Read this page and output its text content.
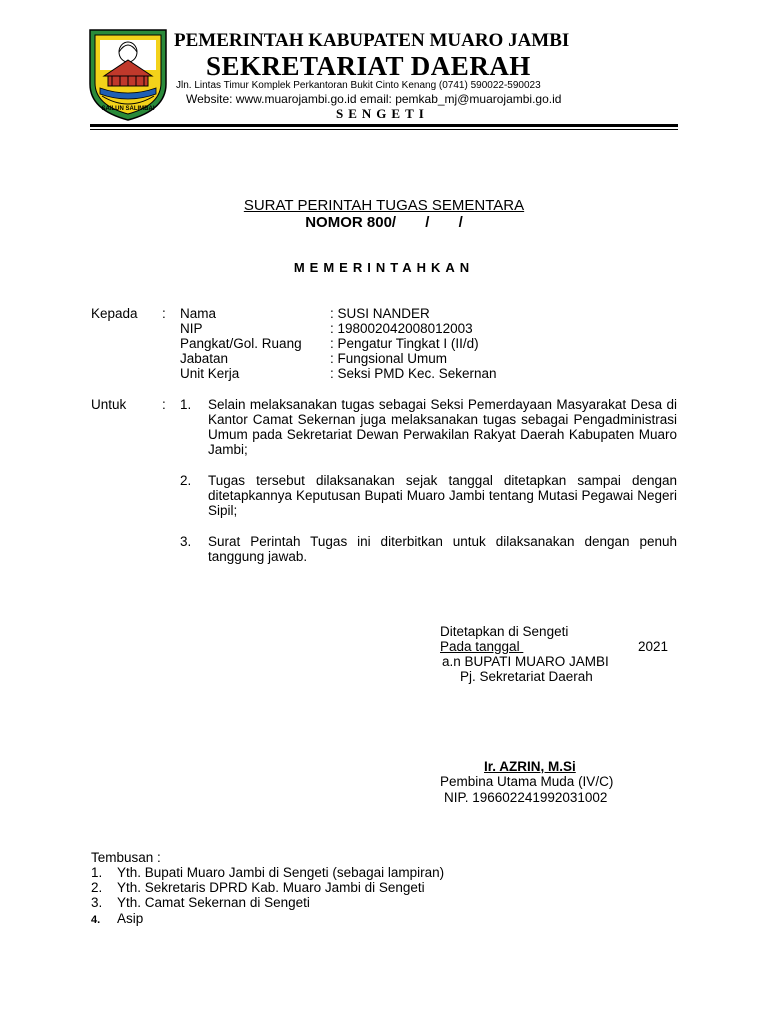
SAILUN SALIMBAI
PEMERINTAH KABUPATEN MUARO JAMBI
SEKRETARIAT DAERAH
Jln. Lintas Timur Komplek Perkantoran Bukit Cinto Kenang (0741) 590022-590023
Website: www.muarojambi.go.id email: pemkab_mj@muarojambi.go.id
SENGETI
SURAT PERINTAH TUGAS SEMENTARA
NOMOR 800/       /       /
MEMERINTAHKAN
Kepada : Nama
NIP
Pangkat/Gol. Ruang
Jabatan
Unit Kerja
: SUSI NANDER
: 198002042008012003
: Pengatur Tingkat I (II/d)
: Fungsional Umum
: Seksi PMD Kec. Sekernan
Untuk	: 1. Selain melaksanakan tugas sebagai Seksi Pemerdayaan Masyarakat Desa di Kantor Camat Sekernan juga melaksanakan tugas sebagai Pengadministrasi Umum pada Sekretariat Dewan Perwakilan Rakyat Daerah Kabupaten Muaro Jambi;
2. Tugas tersebut dilaksanakan sejak tanggal ditetapkan sampai dengan ditetapkannya Keputusan Bupati Muaro Jambi tentang Mutasi Pegawai Negeri Sipil;
3. Surat Perintah Tugas ini diterbitkan untuk dilaksanakan dengan penuh tanggung jawab.
Ditetapkan di Sengeti
Pada tanggal	2021

a.n BUPATI MUARO JAMBI
Pj. Sekretariat Daerah
Ir. AZRIN, M.Si
Pembina Utama Muda (IV/C)
NIP. 196602241992031002
Tembusan :
1. Yth. Bupati Muaro Jambi di Sengeti (sebagai lampiran)
2. Yth. Sekretaris DPRD Kab. Muaro Jambi di Sengeti
3. Yth. Camat Sekernan di Sengeti
4. Asip
